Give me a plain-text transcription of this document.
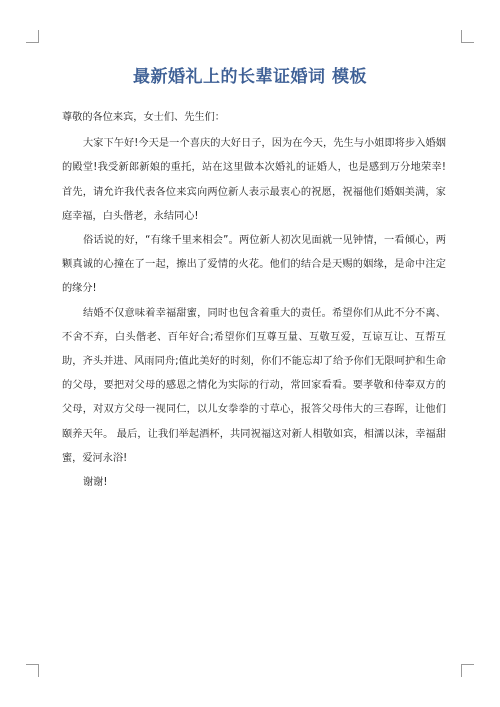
最新婚礼上的长辈证婚词 模板

尊敬的各位来宾，女士们、先生们：

大家下午好!今天是一个喜庆的大好日子，因为在今天，先生与小姐即将步入婚姻的殿堂!我受新郎新娘的重托，站在这里做本次婚礼的证婚人，也是感到万分地荣幸!首先，请允许我代表各位来宾向两位新人表示最衷心的祝愿，祝福他们婚姻美满，家庭幸福，白头偕老，永结同心!

俗话说的好，“有缘千里来相会”。两位新人初次见面就一见钟情，一看倾心，两颗真诚的心撞在了一起，擦出了爱情的火花。他们的结合是天赐的姻缘，是命中注定的缘分!

结婚不仅意味着幸福甜蜜，同时也包含着重大的责任。希望你们从此不分不离、不舍不弃，白头偕老、百年好合;希望你们互尊互量、互敬互爱，互谅互让、互帮互助，齐头并进、风雨同舟;值此美好的时刻，你们不能忘却了给予你们无限呵护和生命的父母，要把对父母的感恩之情化为实际的行动，常回家看看。要孝敬和侍奉双方的父母，对双方父母一视同仁，以儿女拳拳的寸草心，报答父母伟大的三春晖，让他们颐养天年。 最后，让我们举起酒杯，共同祝福这对新人相敬如宾，相濡以沫，幸福甜蜜，爱河永浴!

谢谢!
